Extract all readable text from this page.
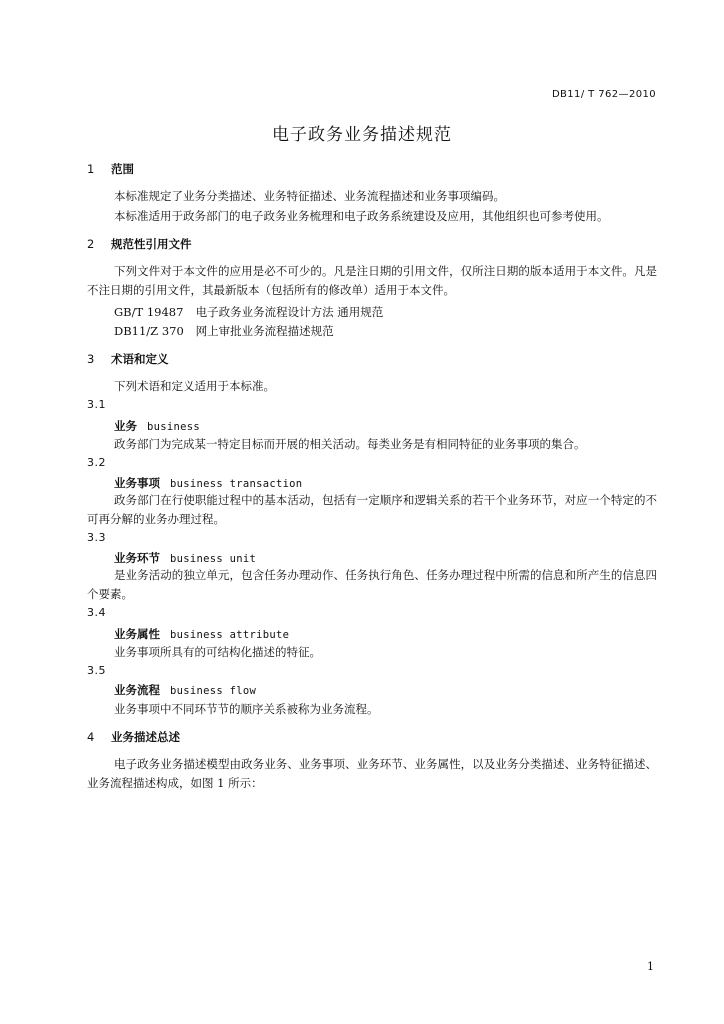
DB11/ T 762—2010
电子政务业务描述规范
1 范围
本标准规定了业务分类描述、业务特征描述、业务流程描述和业务事项编码。
本标准适用于政务部门的电子政务业务梳理和电子政务系统建设及应用，其他组织也可参考使用。
2 规范性引用文件
下列文件对于本文件的应用是必不可少的。凡是注日期的引用文件，仅所注日期的版本适用于本文件。凡是不注日期的引用文件，其最新版本（包括所有的修改单）适用于本文件。
GB/T 19487 电子政务业务流程设计方法 通用规范
DB11/Z 370 网上审批业务流程描述规范
3 术语和定义
下列术语和定义适用于本标准。
3.1
业务 business
政务部门为完成某一特定目标而开展的相关活动。每类业务是有相同特征的业务事项的集合。
3.2
业务事项 business transaction
政务部门在行使职能过程中的基本活动，包括有一定顺序和逻辑关系的若干个业务环节，对应一个特定的不可再分解的业务办理过程。
3.3
业务环节 business unit
是业务活动的独立单元，包含任务办理动作、任务执行角色、任务办理过程中所需的信息和所产生的信息四个要素。
3.4
业务属性 business attribute
业务事项所具有的可结构化描述的特征。
3.5
业务流程 business flow
业务事项中不同环节节的顺序关系被称为业务流程。
4 业务描述总述
电子政务业务描述模型由政务业务、业务事项、业务环节、业务属性，以及业务分类描述、业务特征描述、业务流程描述构成，如图 1 所示：
1
